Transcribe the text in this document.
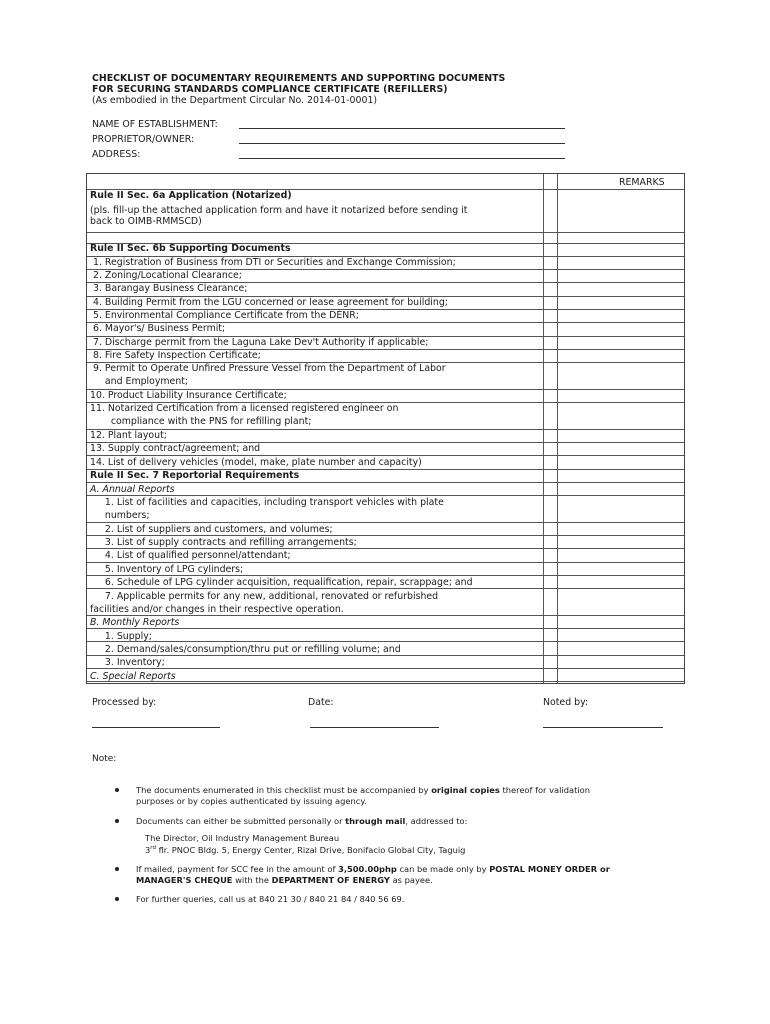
CHECKLIST OF DOCUMENTARY REQUIREMENTS AND SUPPORTING DOCUMENTS
FOR SECURING STANDARDS COMPLIANCE CERTIFICATE (REFILLERS)
(As embodied in the Department Circular No. 2014-01-0001)
NAME OF ESTABLISHMENT:
PROPRIETOR/OWNER:
ADDRESS:
REMARKS
Rule II Sec. 6a Application (Notarized)
(pls. fill-up the attached application form and have it notarized before sending it
back to OIMB-RMMSCD)
Rule II Sec. 6b Supporting Documents
1. Registration of Business from DTI or Securities and Exchange Commission;
2. Zoning/Locational Clearance;
3. Barangay Business Clearance;
4. Building Permit from the LGU concerned or lease agreement for building;
5. Environmental Compliance Certificate from the DENR;
6. Mayor's/ Business Permit;
7. Discharge permit from the Laguna Lake Dev't Authority if applicable;
8. Fire Safety Inspection Certificate;
9. Permit to Operate Unfired Pressure Vessel from the Department of Labor
and Employment;
10. Product Liability Insurance Certificate;
11. Notarized Certification from a licensed registered engineer on
compliance with the PNS for refilling plant;
12. Plant layout;
13. Supply contract/agreement; and
14. List of delivery vehicles (model, make, plate number and capacity)
Rule II Sec. 7 Reportorial Requirements
A. Annual Reports
1. List of facilities and capacities, including transport vehicles with plate
numbers;
2. List of suppliers and customers, and volumes;
3. List of supply contracts and refilling arrangements;
4. List of qualified personnel/attendant;
5. Inventory of LPG cylinders;
6. Schedule of LPG cylinder acquisition, requalification, repair, scrappage; and
7. Applicable permits for any new, additional, renovated or refurbished
facilities and/or changes in their respective operation.
B. Monthly Reports
1. Supply;
2. Demand/sales/consumption/thru put or refilling volume; and
3. Inventory;
C. Special Reports
Processed by:	Date:	Noted by:
Note:
The documents enumerated in this checklist must be accompanied by original copies thereof for validation
purposes or by copies authenticated by issuing agency.
Documents can either be submitted personally or through mail, addressed to:
The Director, Oil Industry Management Bureau
3rd flr. PNOC Bldg. 5, Energy Center, Rizal Drive, Bonifacio Global City, Taguig
If mailed, payment for SCC fee in the amount of 3,500.00php can be made only by POSTAL MONEY ORDER or
MANAGER'S CHEQUE with the DEPARTMENT OF ENERGY as payee.
For further queries, call us at 840 21 30 / 840 21 84 / 840 56 69.
